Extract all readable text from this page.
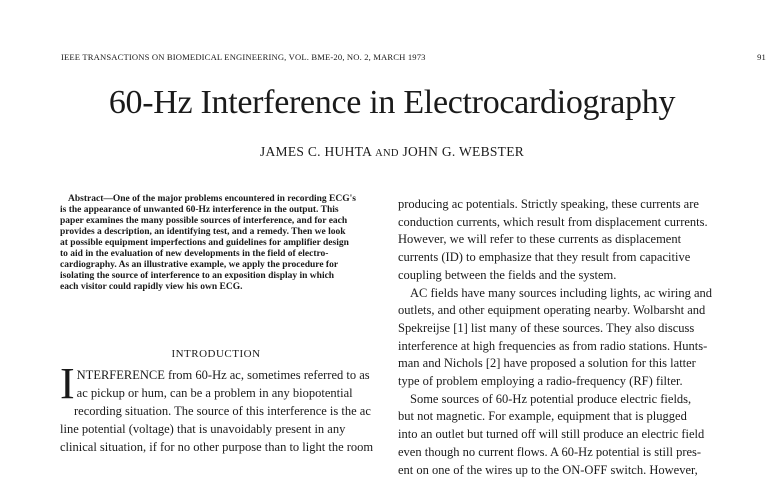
IEEE TRANSACTIONS ON BIOMEDICAL ENGINEERING, VOL. BME-20, NO. 2, MARCH 1973	91
60-Hz Interference in Electrocardiography
JAMES C. HUHTA AND JOHN G. WEBSTER

Abstract—One of the major problems encountered in recording ECG's
is the appearance of unwanted 60-Hz interference in the output. This
paper examines the many possible sources of interference, and for each
provides a description, an identifying test, and a remedy. Then we look
at possible equipment imperfections and guidelines for amplifier design
to aid in the evaluation of new developments in the field of electro-
cardiography. As an illustrative example, we apply the procedure for
isolating the source of interference to an exposition display in which
each visitor could rapidly view his own ECG.

INTRODUCTION
I NTERFERENCE from 60-Hz ac, sometimes referred to as
ac pickup or hum, can be a problem in any biopotential
recording situation. The source of this interference is the ac
line potential (voltage) that is unavoidably present in any
clinical situation, if for no other purpose than to light the room
producing ac potentials. Strictly speaking, these currents are
conduction currents, which result from displacement currents.
However, we will refer to these currents as displacement
currents (ID) to emphasize that they result from capacitive
coupling between the fields and the system.
AC fields have many sources including lights, ac wiring and
outlets, and other equipment operating nearby. Wolbarsht and
Spekreijse [1] list many of these sources. They also discuss
interference at high frequencies as from radio stations. Hunts-
man and Nichols [2] have proposed a solution for this latter
type of problem employing a radio-frequency (RF) filter.
Some sources of 60-Hz potential produce electric fields,
but not magnetic. For example, equipment that is plugged
into an outlet but turned off will still produce an electric field
even though no current flows. A 60-Hz potential is still pres-
ent on one of the wires up to the ON-OFF switch. However,
